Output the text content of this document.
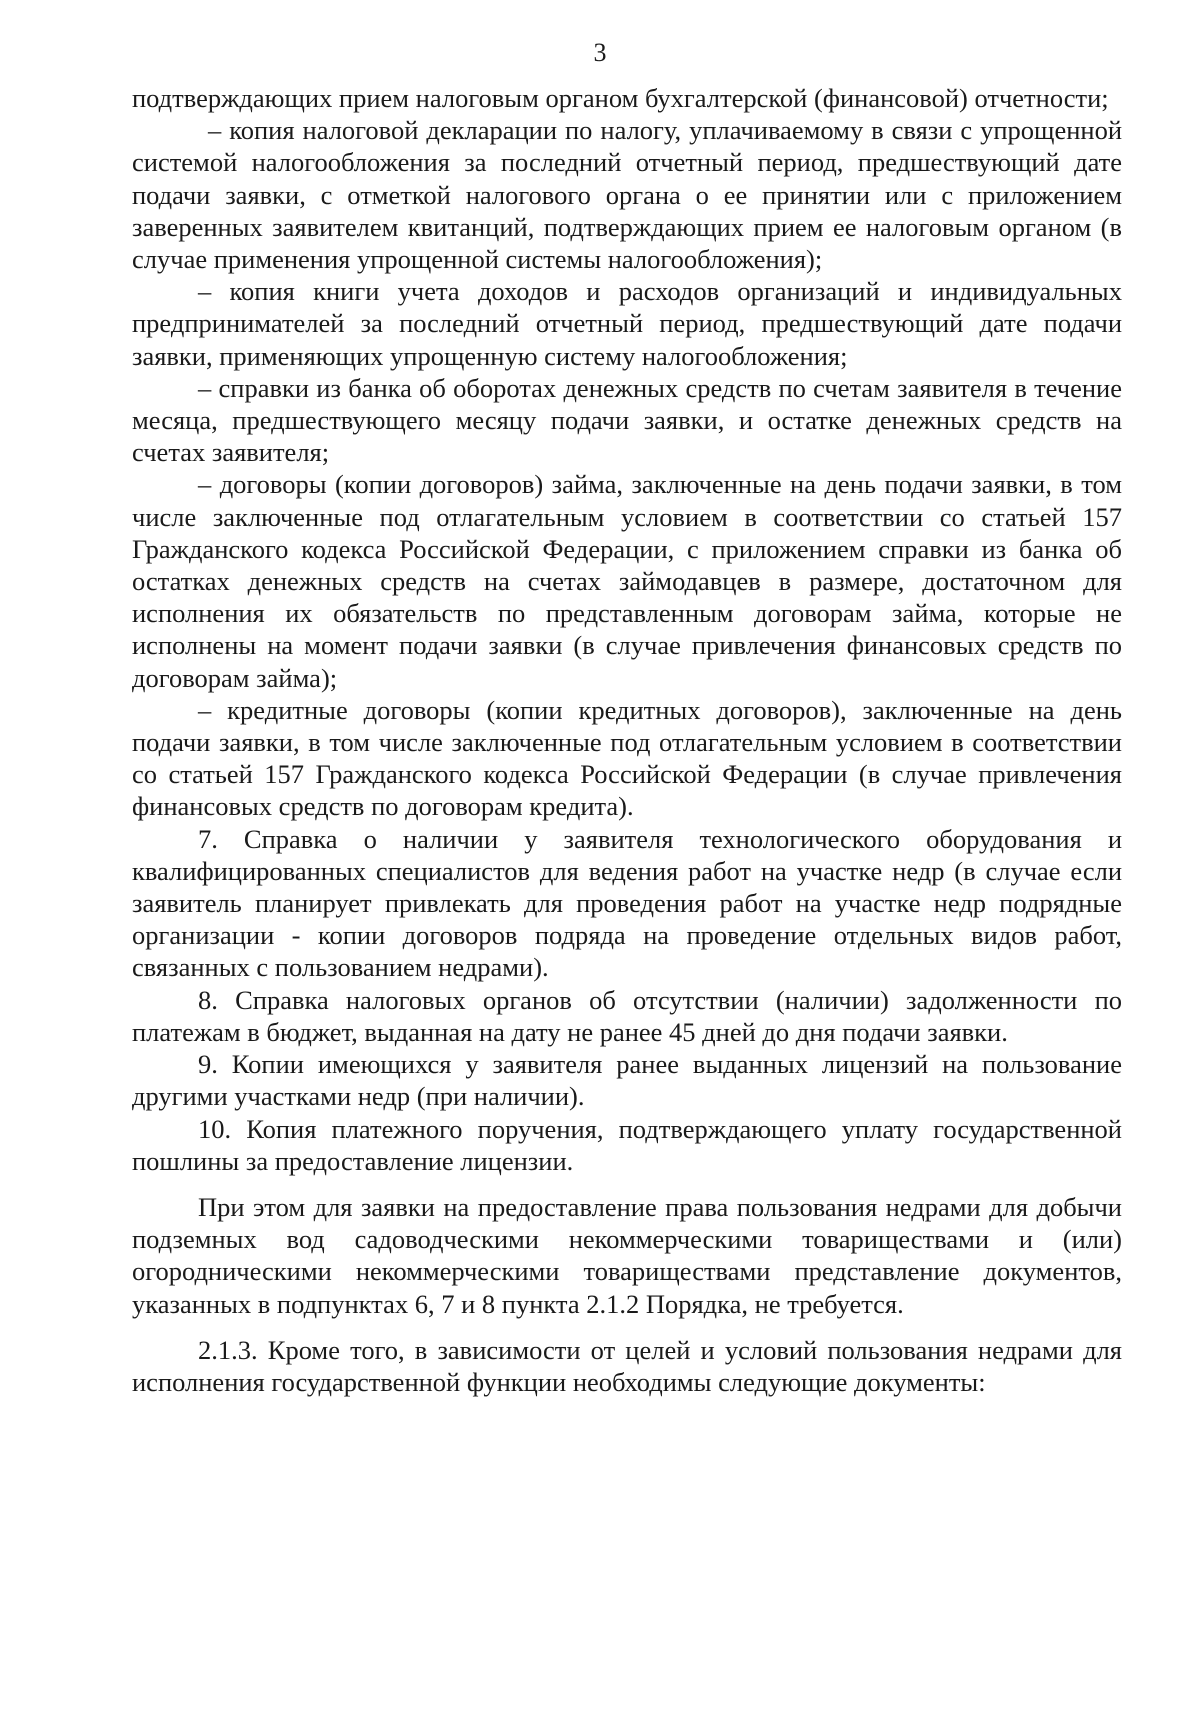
3

подтверждающих прием налоговым органом бухгалтерской (финансовой) отчетности;

– копия налоговой декларации по налогу, уплачиваемому в связи с упрощенной системой налогообложения за последний отчетный период, предшествующий дате подачи заявки, с отметкой налогового органа о ее принятии или с приложением заверенных заявителем квитанций, подтверждающих прием ее налоговым органом (в случае применения упрощенной системы налогообложения);

– копия книги учета доходов и расходов организаций и индивидуальных предпринимателей за последний отчетный период, предшествующий дате подачи заявки, применяющих упрощенную систему налогообложения;

– справки из банка об оборотах денежных средств по счетам заявителя в течение месяца, предшествующего месяцу подачи заявки, и остатке денежных средств на счетах заявителя;

– договоры (копии договоров) займа, заключенные на день подачи заявки, в том числе заключенные под отлагательным условием в соответствии со статьей 157 Гражданского кодекса Российской Федерации, с приложением справки из банка об остатках денежных средств на счетах займодавцев в размере, достаточном для исполнения их обязательств по представленным договорам займа, которые не исполнены на момент подачи заявки (в случае привлечения финансовых средств по договорам займа);

– кредитные договоры (копии кредитных договоров), заключенные на день подачи заявки, в том числе заключенные под отлагательным условием в соответствии со статьей 157 Гражданского кодекса Российской Федерации (в случае привлечения финансовых средств по договорам кредита).

7. Справка о наличии у заявителя технологического оборудования и квалифицированных специалистов для ведения работ на участке недр (в случае если заявитель планирует привлекать для проведения работ на участке недр подрядные организации - копии договоров подряда на проведение отдельных видов работ, связанных с пользованием недрами).

8. Справка налоговых органов об отсутствии (наличии) задолженности по платежам в бюджет, выданная на дату не ранее 45 дней до дня подачи заявки.

9. Копии имеющихся у заявителя ранее выданных лицензий на пользование другими участками недр (при наличии).

10. Копия платежного поручения, подтверждающего уплату государственной пошлины за предоставление лицензии.

При этом для заявки на предоставление права пользования недрами для добычи подземных вод садоводческими некоммерческими товариществами и (или) огородническими некоммерческими товариществами представление документов, указанных в подпунктах 6, 7 и 8 пункта 2.1.2 Порядка, не требуется.

2.1.3. Кроме того, в зависимости от целей и условий пользования недрами для исполнения государственной функции необходимы следующие документы:
